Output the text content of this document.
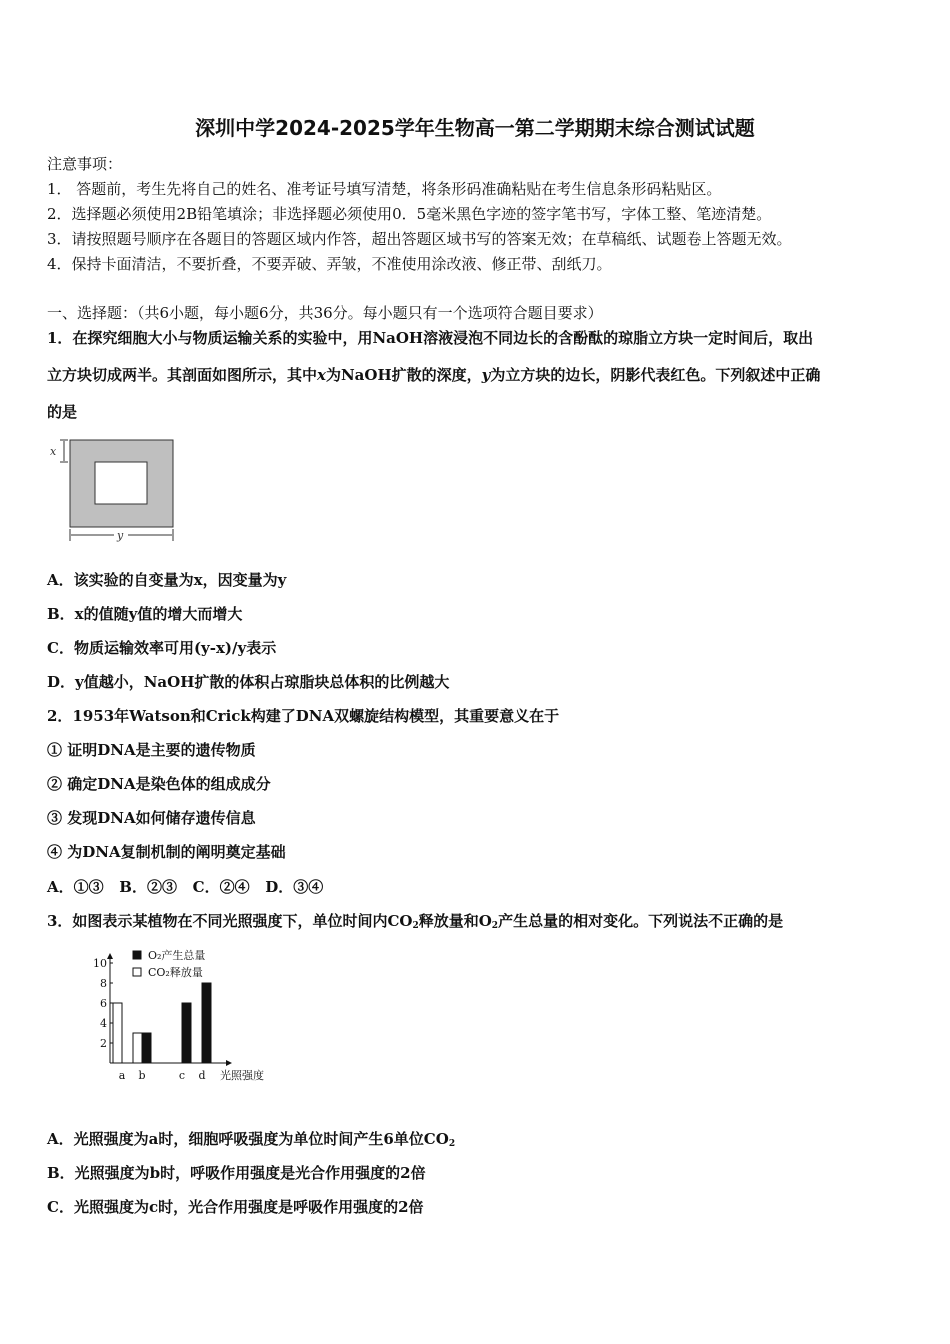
深圳中学2024-2025学年生物高一第二学期期末综合测试试题
注意事项：
1． 答题前，考生先将自己的姓名、准考证号填写清楚，将条形码准确粘贴在考生信息条形码粘贴区。
2．选择题必须使用2B铅笔填涂；非选择题必须使用0．5毫米黑色字迹的签字笔书写，字体工整、笔迹清楚。
3．请按照题号顺序在各题目的答题区域内作答，超出答题区域书写的答案无效；在草稿纸、试题卷上答题无效。
4．保持卡面清洁，不要折叠，不要弄破、弄皱，不准使用涂改液、修正带、刮纸刀。
一、选择题：（共6小题，每小题6分，共36分。每小题只有一个选项符合题目要求）
1．在探究细胞大小与物质运输关系的实验中，用NaOH溶液浸泡不同边长的含酚酞的琼脂立方块一定时间后，取出
立方块切成两半。其剖面如图所示，其中x为NaOH扩散的深度，y为立方块的边长，阴影代表红色。下列叙述中正确
的是
x
y
A．该实验的自变量为x，因变量为y
B．x的值随y值的增大而增大
C．物质运输效率可用(y-x)/y表示
D．y值越小，NaOH扩散的体积占琼脂块总体积的比例越大
2．1953年Watson和Crick构建了DNA双螺旋结构模型，其重要意义在于
① 证明DNA是主要的遗传物质
② 确定DNA是染色体的组成成分
③ 发现DNA如何储存遗传信息
④ 为DNA复制机制的阐明奠定基础
A．①③   B．②③   C．②④   D．③④
3．如图表示某植物在不同光照强度下，单位时间内$CO_2$释放量和$O_2$产生总量的相对变化。下列说法不正确的是
2
4
6
8
10
a b	c d 光照强度
O₂产生总量
CO₂释放量
A．光照强度为a时，细胞呼吸强度为单位时间产生6单位$CO_2$
B．光照强度为b时，呼吸作用强度是光合作用强度的2倍
C．光照强度为c时，光合作用强度是呼吸作用强度的2倍
